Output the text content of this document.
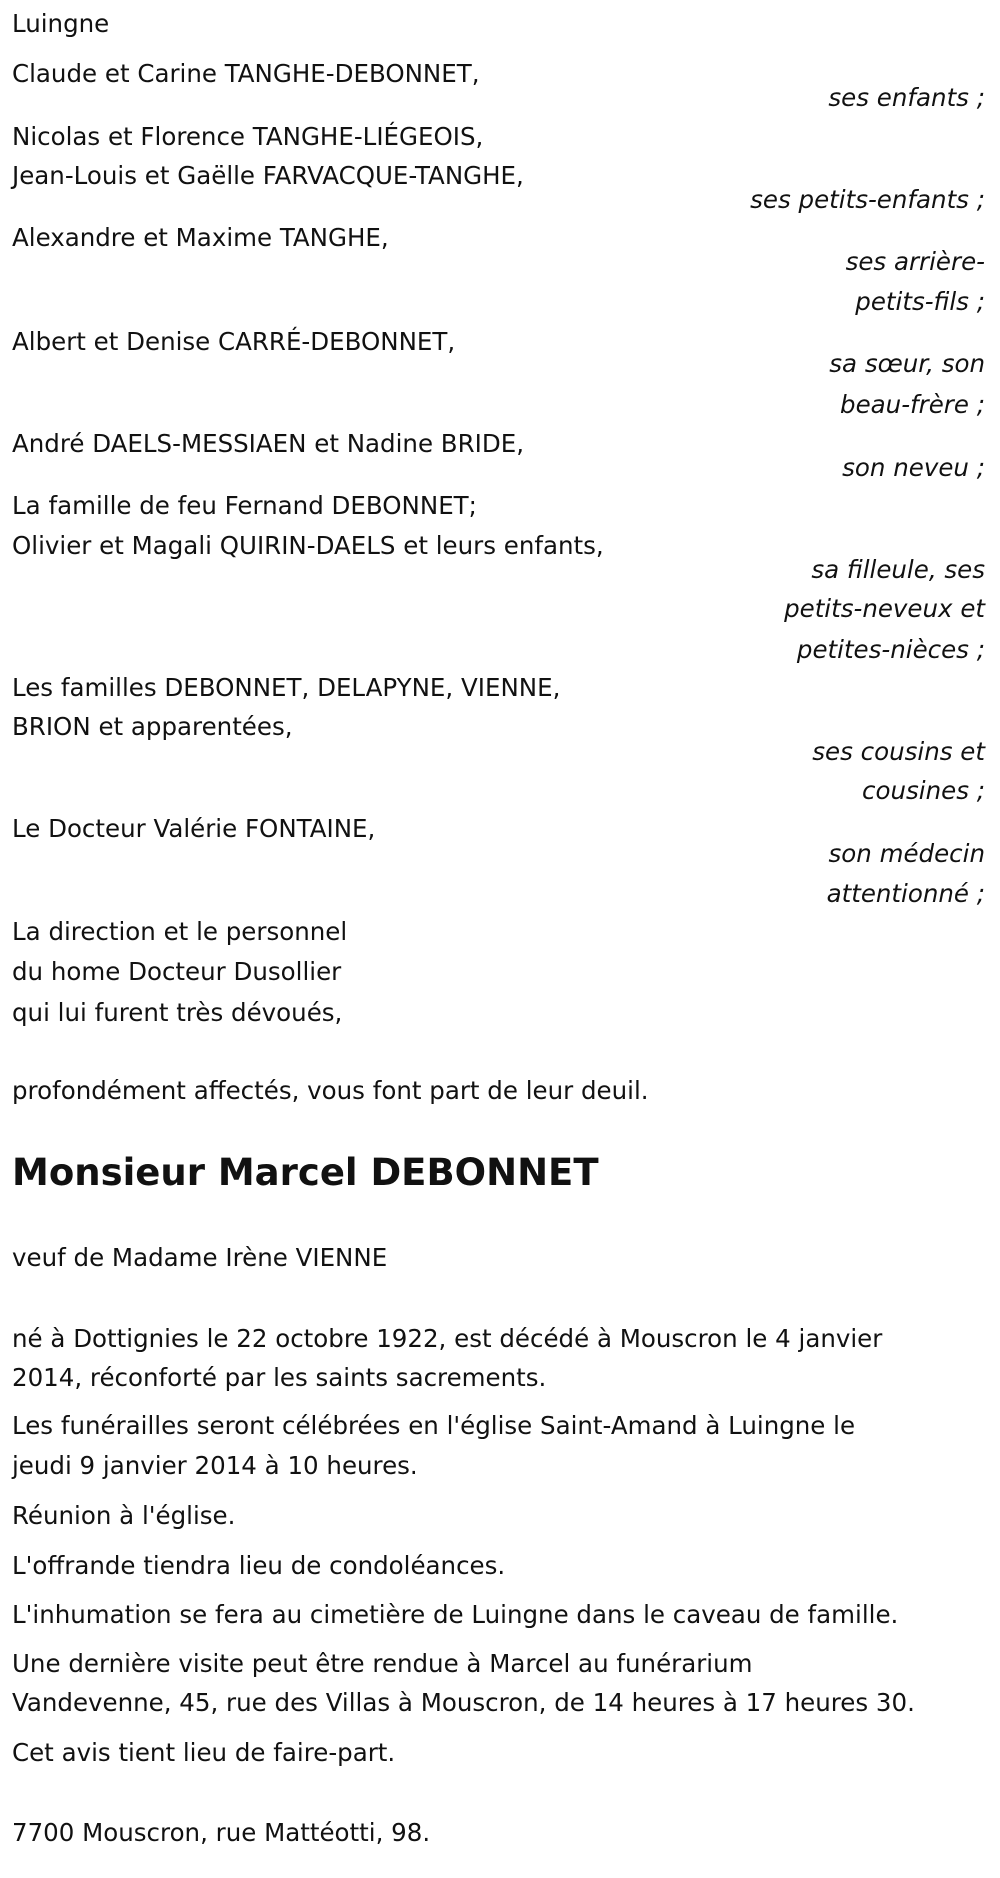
Luingne
Claude et Carine TANGHE-DEBONNET,
ses enfants ;
Nicolas et Florence TANGHE-LIÉGEOIS,
Jean-Louis et Gaëlle FARVACQUE-TANGHE,
ses petits-enfants ;
Alexandre et Maxime TANGHE,
ses arrière-
petits-fils ;
Albert et Denise CARRÉ-DEBONNET,
sa sœur, son
beau-frère ;
André DAELS-MESSIAEN et Nadine BRIDE,
son neveu ;
La famille de feu Fernand DEBONNET;
Olivier et Magali QUIRIN-DAELS et leurs enfants,
sa filleule, ses
petits-neveux et
petites-nièces ;
Les familles DEBONNET, DELAPYNE, VIENNE,
BRION et apparentées,
ses cousins et
cousines ;
Le Docteur Valérie FONTAINE,
son médecin
attentionné ;
La direction et le personnel
du home Docteur Dusollier
qui lui furent très dévoués,
profondément affectés, vous font part de leur deuil.
Monsieur Marcel DEBONNET
veuf de Madame Irène VIENNE
né à Dottignies le 22 octobre 1922, est décédé à Mouscron le 4 janvier
2014, réconforté par les saints sacrements.
Les funérailles seront célébrées en l'église Saint-Amand à Luingne le
jeudi 9 janvier 2014 à 10 heures.
Réunion à l'église.
L'offrande tiendra lieu de condoléances.
L'inhumation se fera au cimetière de Luingne dans le caveau de famille.
Une dernière visite peut être rendue à Marcel au funérarium
Vandevenne, 45, rue des Villas à Mouscron, de 14 heures à 17 heures 30.
Cet avis tient lieu de faire-part.
7700 Mouscron, rue Mattéotti, 98.
